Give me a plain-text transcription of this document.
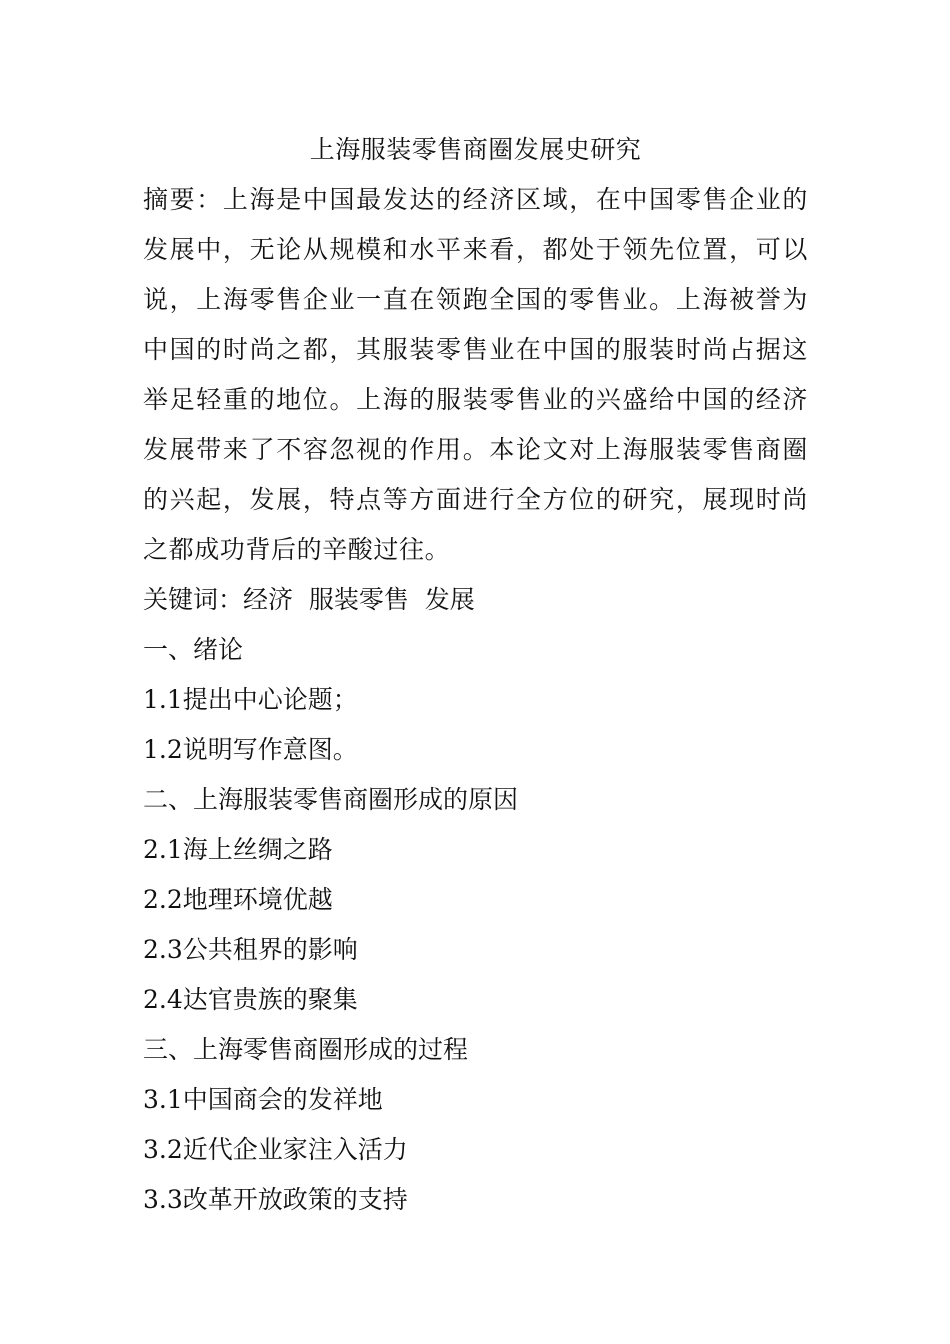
上海服装零售商圈发展史研究

摘要：上海是中国最发达的经济区域，在中国零售企业的发展中，无论从规模和水平来看，都处于领先位置，可以说，上海零售企业一直在领跑全国的零售业。上海被誉为中国的时尚之都，其服装零售业在中国的服装时尚占据这举足轻重的地位。上海的服装零售业的兴盛给中国的经济发展带来了不容忽视的作用。本论文对上海服装零售商圈的兴起，发展，特点等方面进行全方位的研究，展现时尚之都成功背后的辛酸过往。

关键词：经济  服装零售  发展

一、绪论
1.1提出中心论题；
1.2说明写作意图。
二、上海服装零售商圈形成的原因
2.1海上丝绸之路
2.2地理环境优越
2.3公共租界的影响
2.4达官贵族的聚集
三、上海零售商圈形成的过程
3.1中国商会的发祥地
3.2近代企业家注入活力
3.3改革开放政策的支持
